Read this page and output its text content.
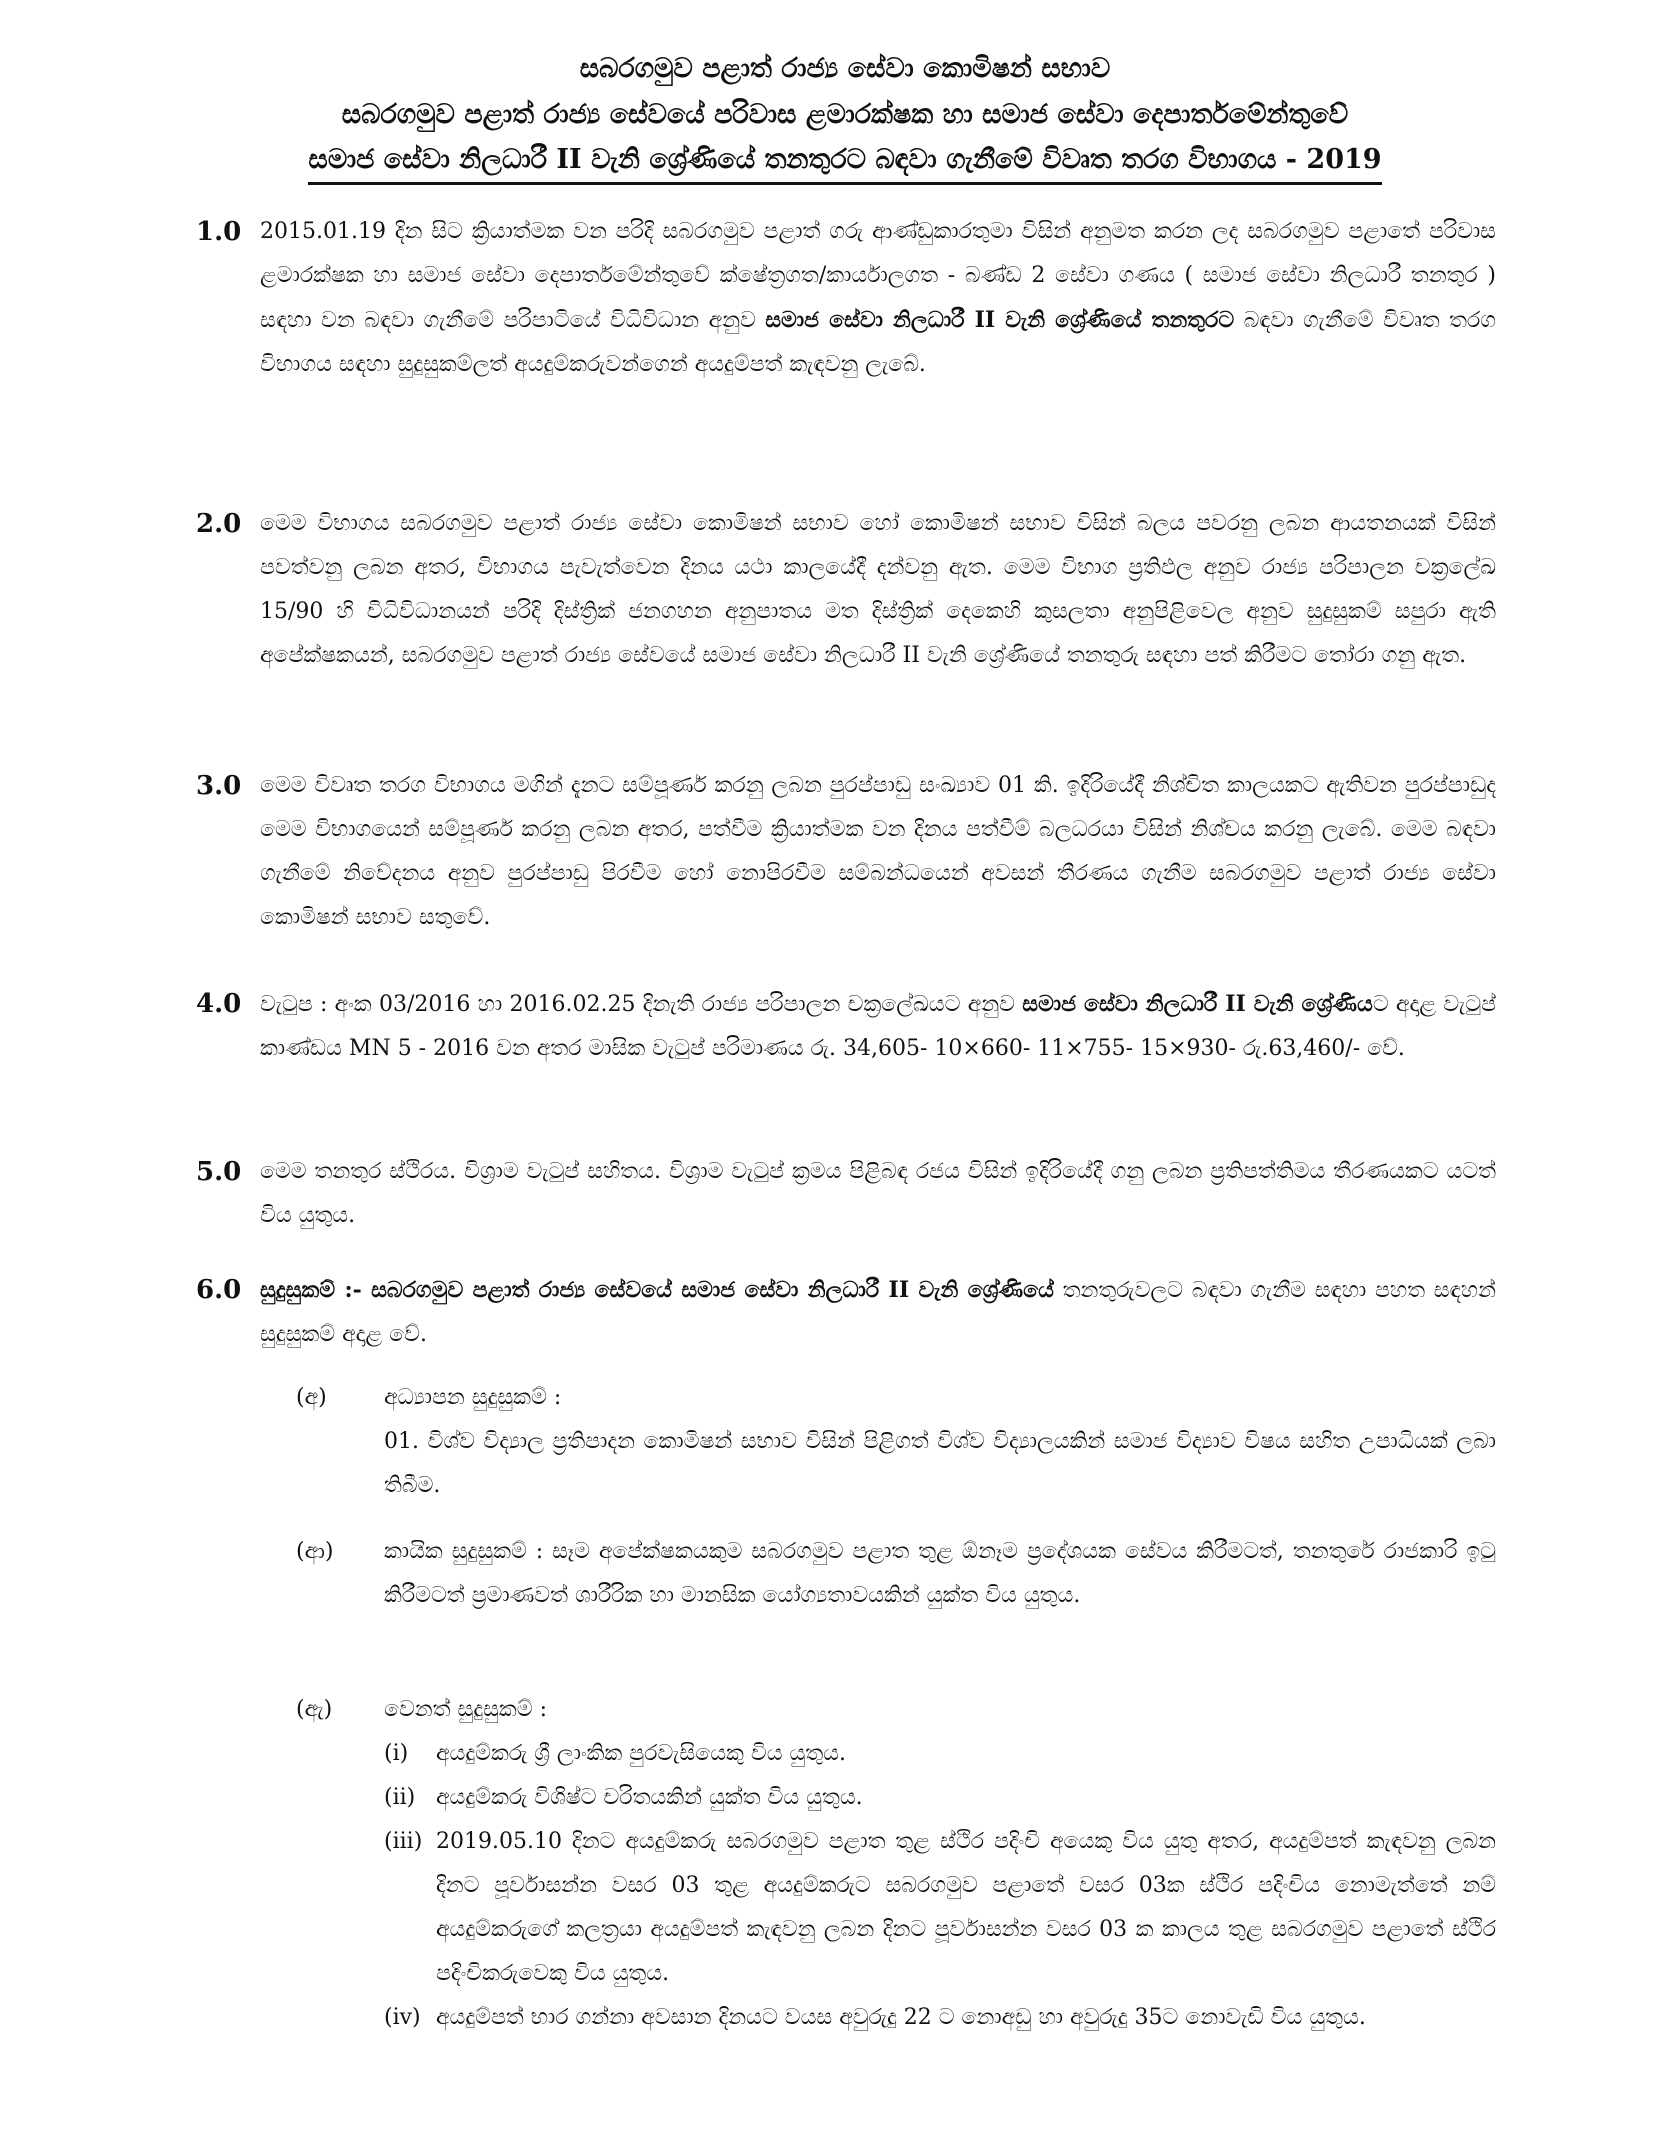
සබරගමුව පළාත් රාජ්‍ය සේවා කොමිෂන් සභාව
සබරගමුව පළාත් රාජ්‍ය සේවයේ පරිවාස ළමාරක්ෂක හා සමාජ සේවා දෙපාර්තමේන්තුවේ
සමාජ සේවා නිලධාරී II වැනි ශ්‍රේණියේ තනතුරට බඳවා ගැනීමේ විවෘත තරග විභාගය - 2019
1.0 2015.01.19 දින සිට ක්‍රියාත්මක වන පරිදි සබරගමුව පළාත් ගරු ආණ්ඩුකාරතුමා විසින් අනුමත කරන ලද සබරගමුව පළාතේ පරිවාස ළමාරක්ෂක හා සමාජ සේවා දෙපාර්තමේන්තුවේ ක්ෂේත්‍රගත/කාර්යාලගත - බණ්ඩ 2 සේවා ගණය ( සමාජ සේවා නිලධාරී තනතුර ) සඳහා වන බඳවා ගැනීමේ පරිපාටියේ විධිවිධාන අනුව සමාජ සේවා නිලධාරී II වැනි ශ්‍රේණියේ තනතුරට බඳවා ගැනීමේ විවෘත තරග විභාගය සඳහා සුදුසුකම්ලත් අයදුම්කරුවන්ගෙන් අයදුම්පත් කැඳවනු ලැබේ.
2.0 මෙම විභාගය සබරගමුව පළාත් රාජ්‍ය සේවා කොමිෂන් සභාව හෝ කොමිෂන් සභාව විසින් බලය පවරනු ලබන ආයතනයක් විසින් පවත්වනු ලබන අතර, විභාගය පැවැත්වෙන දිනය යථා කාලයේදී දන්වනු ඇත. මෙම විභාග ප්‍රතිඵල අනුව රාජ්‍ය පරිපාලන චක්‍රලේඛ 15/90 හි විධිවිධානයන් පරිදි දිස්ත්‍රික් ජනගහන අනුපාතය මත දිස්ත්‍රික් දෙකෙහි කුසලතා අනුපිළිවෙල අනුව සුදුසුකම් සපුරා ඇති අපේක්ෂකයන්, සබරගමුව පළාත් රාජ්‍ය සේවයේ සමාජ සේවා නිලධාරී II වැනි ශ්‍රේණියේ තනතුරු සඳහා පත් කිරීමට තෝරා ගනු ඇත.
3.0 මෙම විවෘත තරග විභාගය මගින් දැනට සම්පූර්ණ කරනු ලබන පුරප්පාඩු සංඛ්‍යාව 01 කි. ඉදිරියේදී නිශ්චිත කාලයකට ඇතිවන පුරප්පාඩුද මෙම විභාගයෙන් සම්පූර්ණ කරනු ලබන අතර, පත්වීම ක්‍රියාත්මක වන දිනය පත්වීම් බලධරයා විසින් නිශ්චය කරනු ලැබේ. මෙම බඳවා ගැනීමේ නිවේදනය අනුව පුරප්පාඩු පිරවීම හෝ නොපිරවීම සම්බන්ධයෙන් අවසන් තීරණය ගැනීම සබරගමුව පළාත් රාජ්‍ය සේවා කොමිෂන් සභාව සතුවේ.
4.0 වැටුප : අංක 03/2016 හා 2016.02.25 දිනැති රාජ්‍ය පරිපාලන චක්‍රලේඛයට අනුව සමාජ සේවා නිලධාරී II වැනි ශ්‍රේණියට අදාළ වැටුප් කාණ්ඩය MN 5 - 2016 වන අතර මාසික වැටුප් පරිමාණය රු. 34,605- 10×660- 11×755- 15×930- රු.63,460/- වේ.
5.0 මෙම තනතුර ස්ථිරය. විශ්‍රාම වැටුප් සහිතය. විශ්‍රාම වැටුප් ක්‍රමය පිළිබඳ රජය විසින් ඉදිරියේදී ගනු ලබන ප්‍රතිපත්තිමය තීරණයකට යටත් විය යුතුය.
6.0 සුදුසුකම් :- සබරගමුව පළාත් රාජ්‍ය සේවයේ සමාජ සේවා නිලධාරී II වැනි ශ්‍රේණියේ තනතුරුවලට බඳවා ගැනීම සඳහා පහත සඳහන් සුදුසුකම් අදාළ වේ.
(අ)	අධ්‍යාපන සුදුසුකම් :
01. විශ්ව විද්‍යාල ප්‍රතිපාදන කොමිෂන් සභාව විසින් පිළිගත් විශ්ව විද්‍යාලයකින් සමාජ විද්‍යාව විෂය සහිත උපාධියක් ලබා තිබීම.
(ආ) කායික සුදුසුකම් : සෑම අපේක්ෂකයකුම සබරගමුව පළාත තුළ ඕනෑම ප්‍රදේශයක සේවය කිරීමටත්, තනතුරේ රාජකාරි ඉටු කිරීමටත් ප්‍රමාණවත් ශාරීරික හා මානසික යෝග්‍යතාවයකින් යුක්ත විය යුතුය.
(ඇ) වෙනත් සුදුසුකම් :
(i) අයදුම්කරු ශ්‍රී ලාංකික පුරවැසියෙකු විය යුතුය.
(ii) අයදුම්කරු විශිෂ්ට චරිතයකින් යුක්ත විය යුතුය.
(iii) 2019.05.10 දිනට අයදුම්කරු සබරගමුව පළාත තුළ ස්ථිර පදිංචි අයෙකු විය යුතු අතර, අයදුම්පත් කැඳවනු ලබන දිනට පූර්වාසන්න වසර 03 තුළ අයදුම්කරුට සබරගමුව පළාතේ වසර 03ක ස්ථිර පදිංචිය නොමැත්තේ නම් අයදුම්කරුගේ කලත්‍රයා අයදුම්පත් කැඳවනු ලබන දිනට පූර්වාසන්න වසර 03 ක කාලය තුළ සබරගමුව පළාතේ ස්ථිර පදිංචිකරුවෙකු විය යුතුය.
(iv) අයදුම්පත් භාර ගන්නා අවසාන දිනයට වයස අවුරුදු 22 ට නොඅඩු හා අවුරුදු 35ට නොවැඩි විය යුතුය.
